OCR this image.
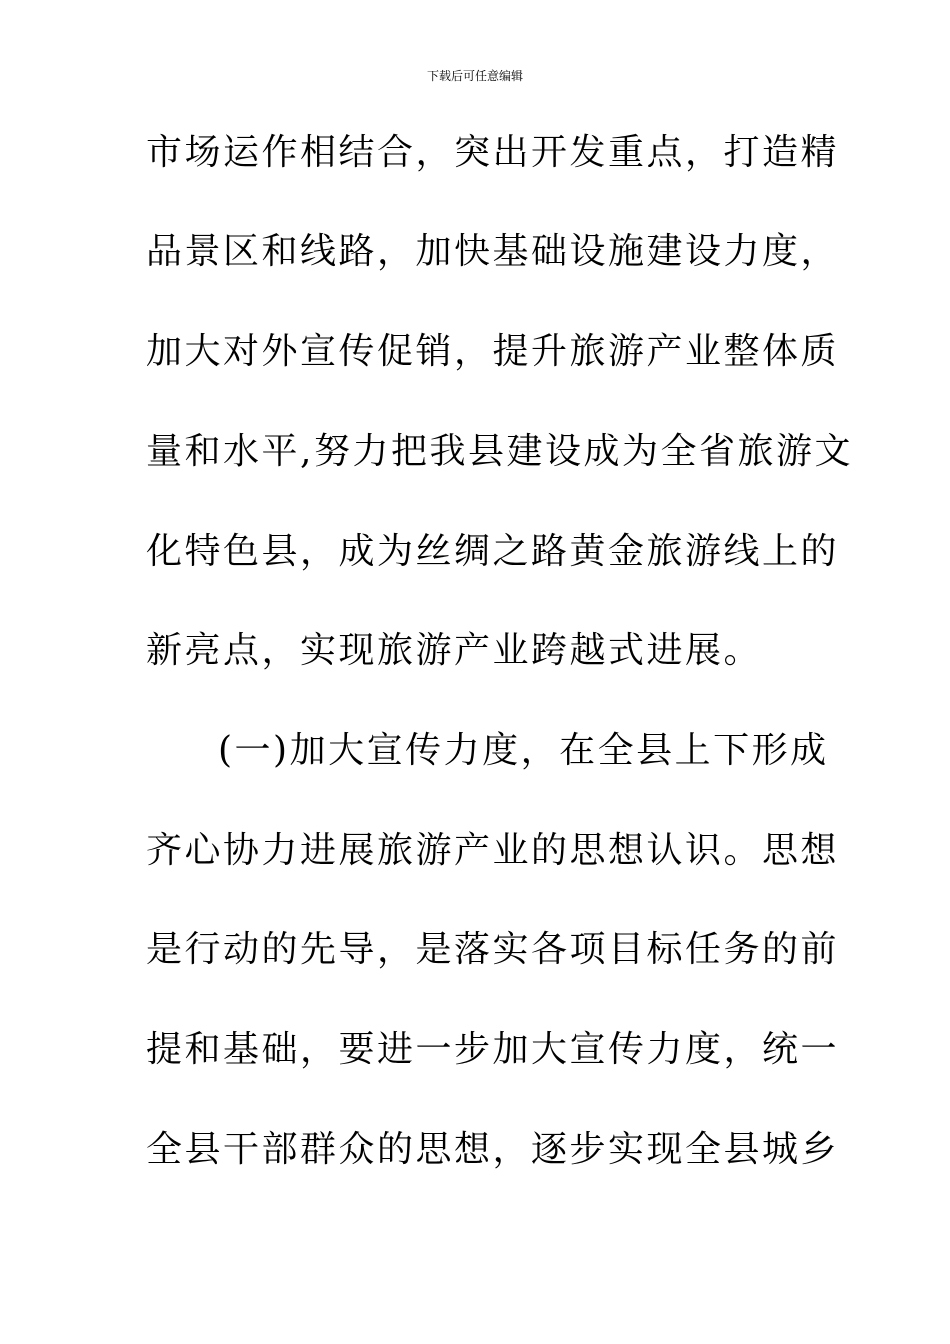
下载后可任意编辑
市场运作相结合，突出开发重点，打造精
品景区和线路，加快基础设施建设力度，
加大对外宣传促销，提升旅游产业整体质
量和水平,努力把我县建设成为全省旅游文
化特色县，成为丝绸之路黄金旅游线上的
新亮点，实现旅游产业跨越式进展。
(一)加大宣传力度，在全县上下形成
齐心协力进展旅游产业的思想认识。思想
是行动的先导，是落实各项目标任务的前
提和基础，要进一步加大宣传力度，统一
全县干部群众的思想，逐步实现全县城乡
